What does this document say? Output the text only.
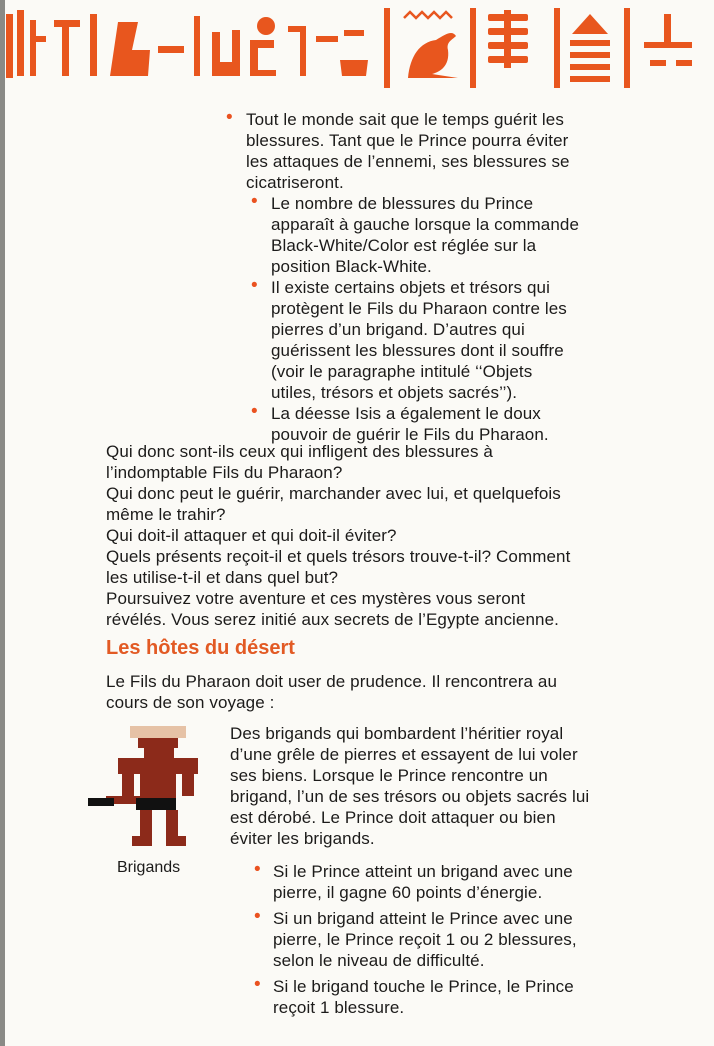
• Tout le monde sait que le temps guérit les
blessures. Tant que le Prince pourra éviter
les attaques de l’ennemi, ses blessures se
cicatriseront.
• Le nombre de blessures du Prince
apparaît à gauche lorsque la commande
Black-White/Color est réglée sur la
position Black-White.
• Il existe certains objets et trésors qui
protègent le Fils du Pharaon contre les
pierres d’un brigand. D’autres qui
guérissent les blessures dont il souffre
(voir le paragraphe intitulé ‘‘Objets
utiles, trésors et objets sacrés’’).
• La déesse Isis a également le doux
pouvoir de guérir le Fils du Pharaon.
Qui donc sont-ils ceux qui infligent des blessures à
l’indomptable Fils du Pharaon?
Qui donc peut le guérir, marchander avec lui, et quelquefois
même le trahir?
Qui doit-il attaquer et qui doit-il éviter?
Quels présents reçoit-il et quels trésors trouve-t-il? Comment
les utilise-t-il et dans quel but?
Poursuivez votre aventure et ces mystères vous seront
révélés. Vous serez initié aux secrets de l’Egypte ancienne.
Les hôtes du désert
Le Fils du Pharaon doit user de prudence. Il rencontrera au
cours de son voyage :
Brigands
Des brigands qui bombardent l’héritier royal
d’une grêle de pierres et essayent de lui voler
ses biens. Lorsque le Prince rencontre un
brigand, l’un de ses trésors ou objets sacrés lui
est dérobé. Le Prince doit attaquer ou bien
éviter les brigands.
• Si le Prince atteint un brigand avec une
pierre, il gagne 60 points d’énergie.
• Si un brigand atteint le Prince avec une
pierre, le Prince reçoit 1 ou 2 blessures,
selon le niveau de difficulté.
• Si le brigand touche le Prince, le Prince
reçoit 1 blessure.
